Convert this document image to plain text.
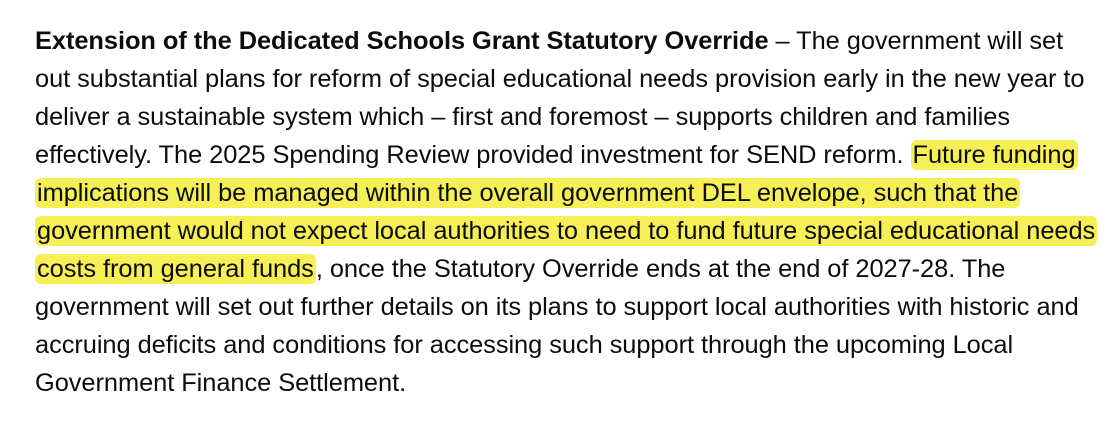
Extension of the Dedicated Schools Grant Statutory Override – The government will set out substantial plans for reform of special educational needs provision early in the new year to deliver a sustainable system which – first and foremost – supports children and families effectively. The 2025 Spending Review provided investment for SEND reform. Future funding implications will be managed within the overall government DEL envelope, such that the government would not expect local authorities to need to fund future special educational needs costs from general funds, once the Statutory Override ends at the end of 2027-28. The government will set out further details on its plans to support local authorities with historic and accruing deficits and conditions for accessing such support through the upcoming Local Government Finance Settlement.
